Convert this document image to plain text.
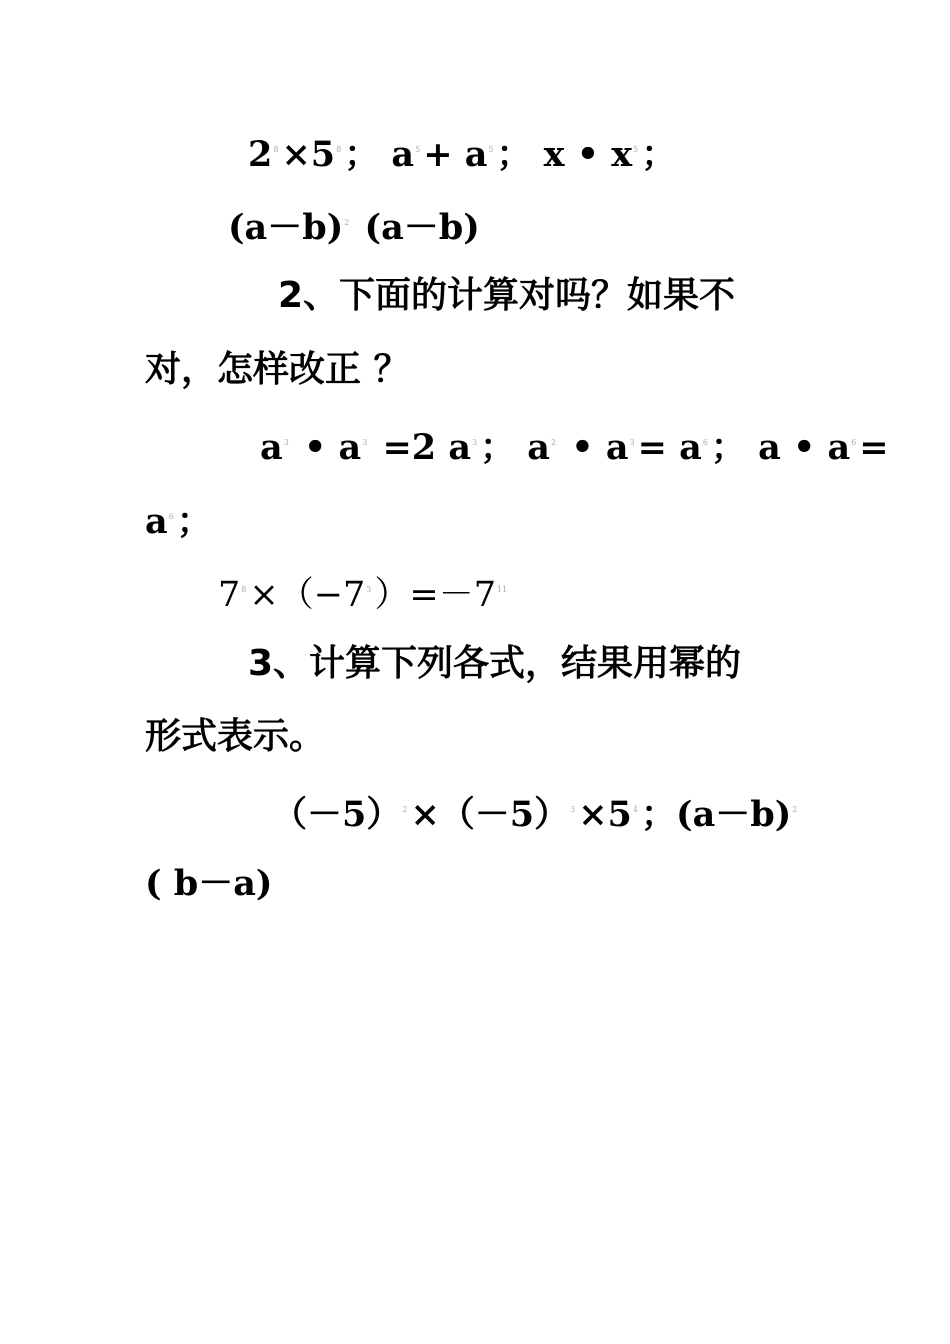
$2^8\times 5^8$； $a^5+ a^5$； x • $x^5$；
$(a-b)^2$ (a－b)
2、下面的计算对吗？如果不
对，怎样改正 ？
$a^3$ • $a^3 =2$ $a^3$； $a^2$ • $a^3= a^6$； a • $a^6=$
$a^6$；
$7^8\times(-7^3)=-7^{11}$
3、计算下列各式，结果用幂的
形式表示。
$(-5)^2\times(-5)^3\times 5^4$；$(a-b)^2$
( b－a)
